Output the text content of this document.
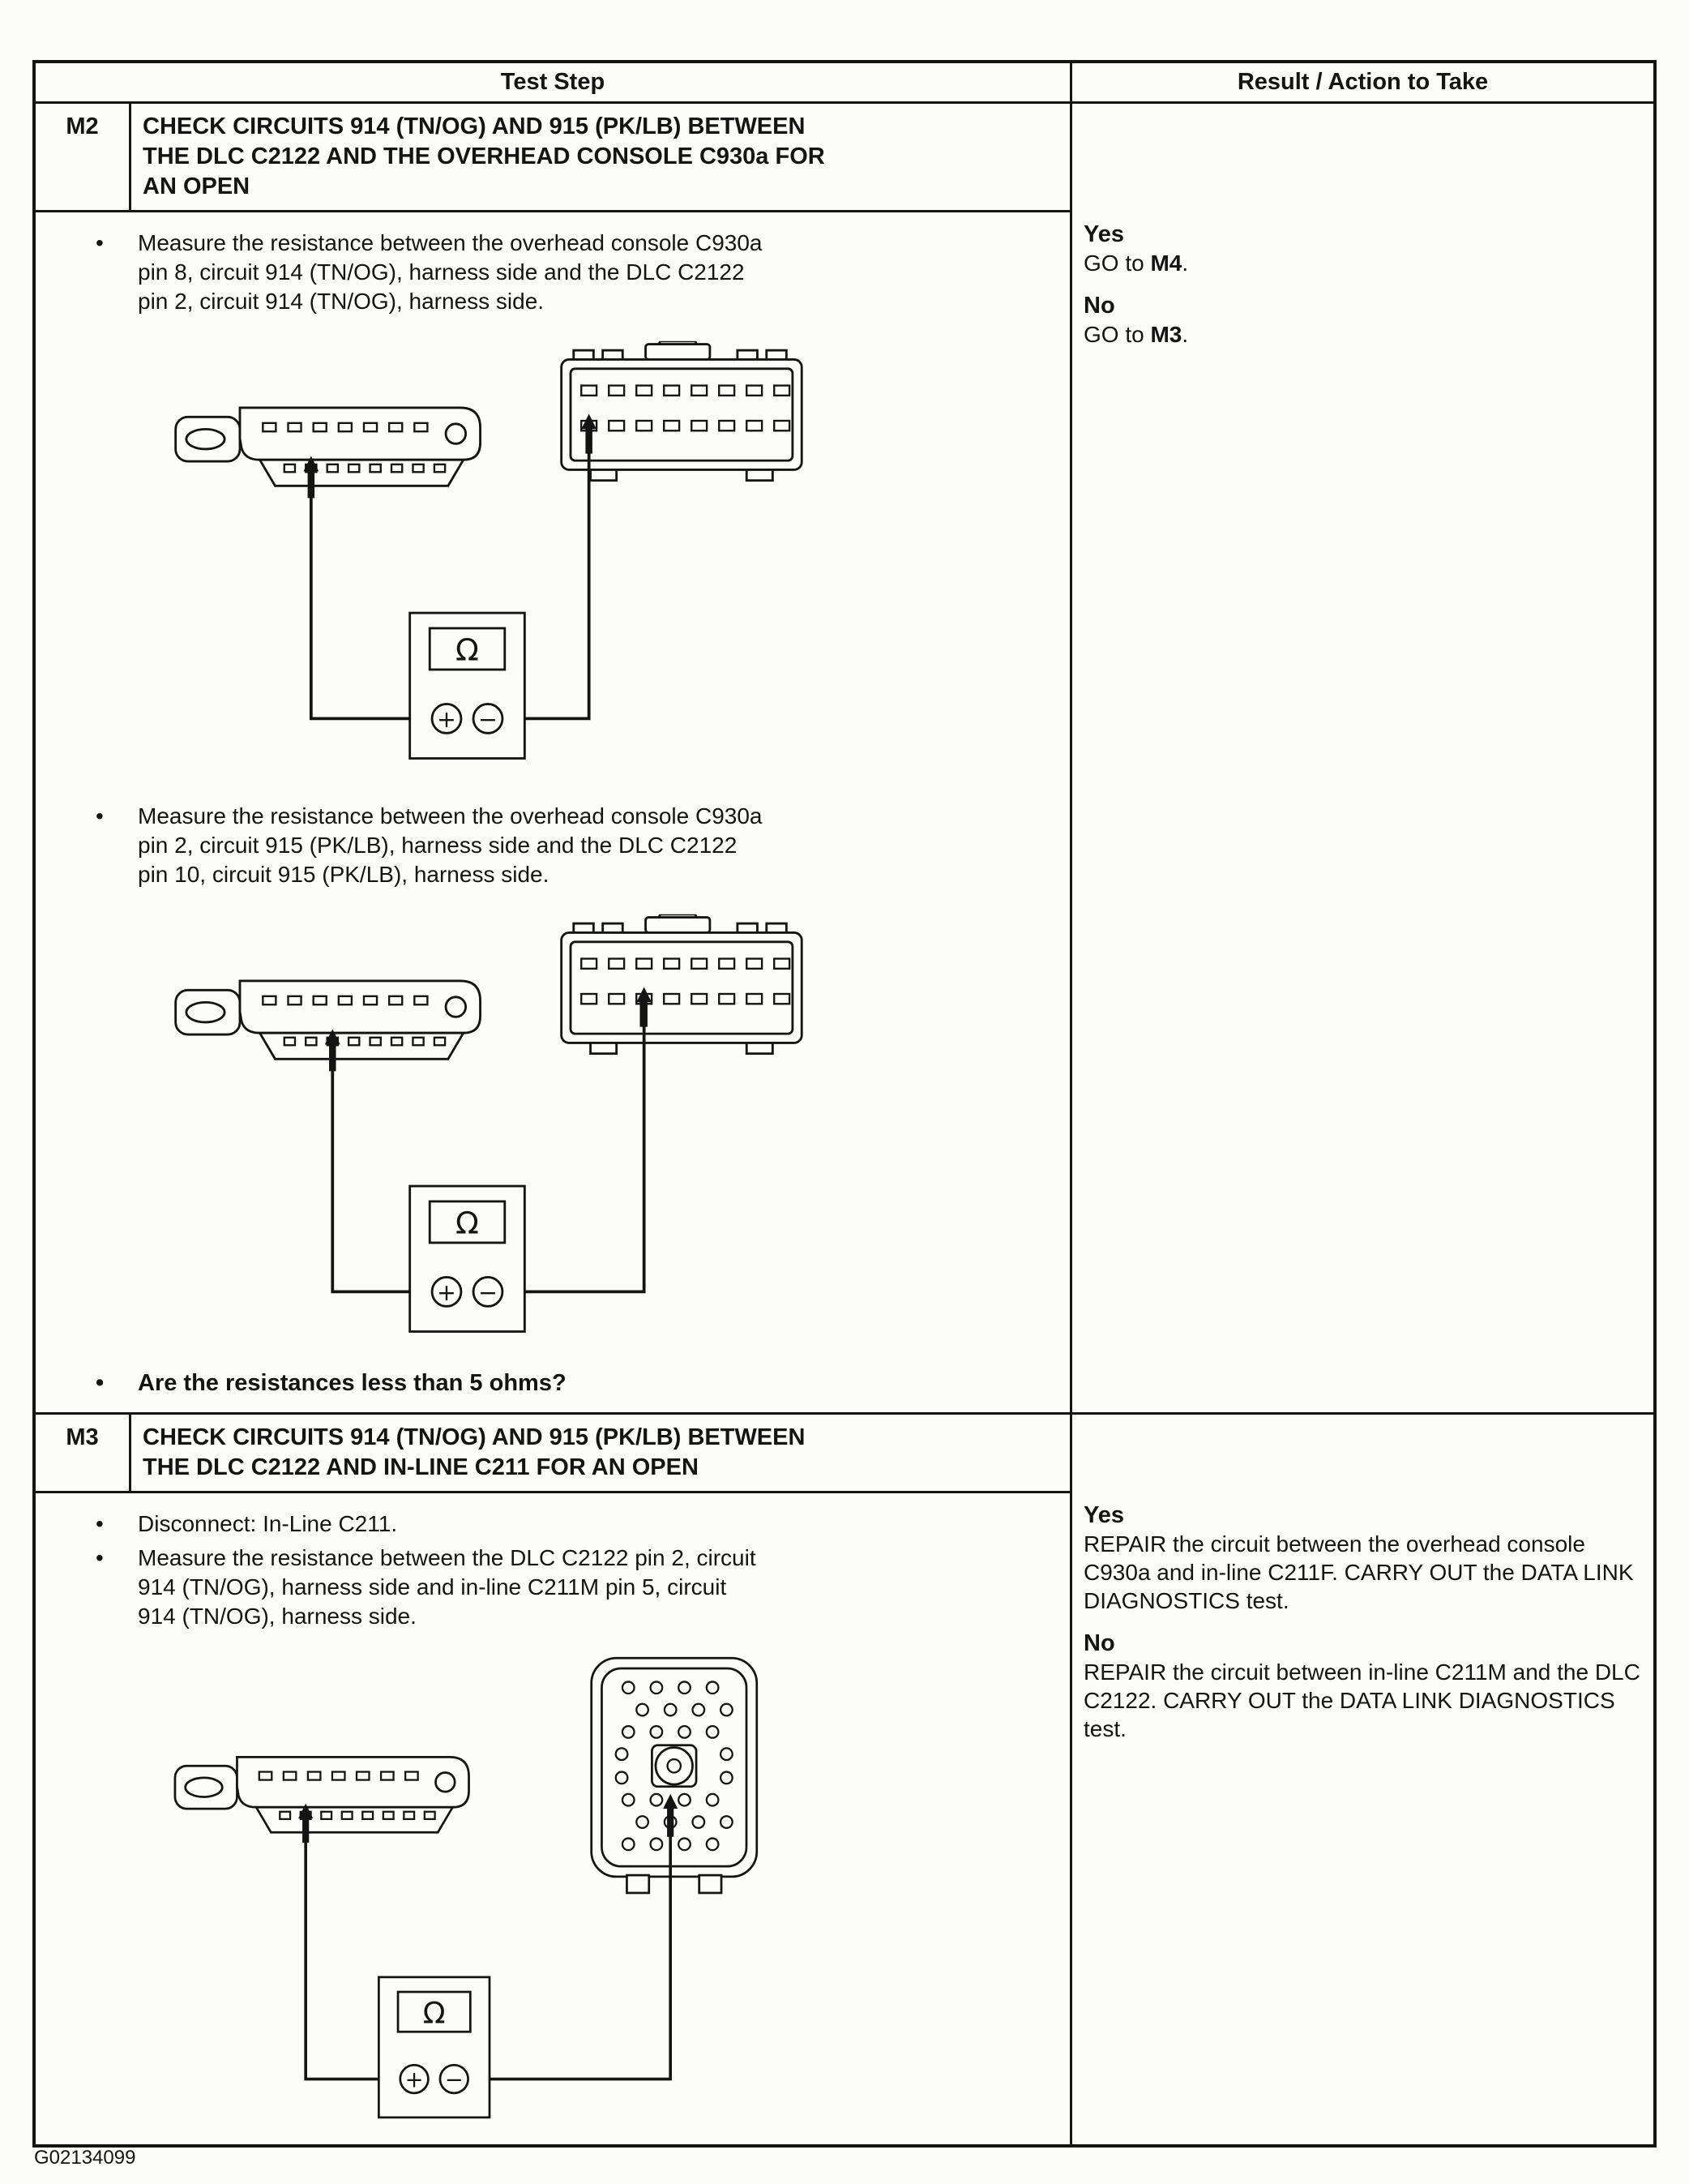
Test Step	Result / Action to Take
M2	CHECK CIRCUITS 914 (TN/OG) AND 915 (PK/LB) BETWEEN THE DLC C2122 AND THE OVERHEAD CONSOLE C930a FOR AN OPEN
•
Measure the resistance between the overhead console C930a pin 8, circuit 914 (TN/OG), harness side and the DLC C2122 pin 2, circuit 914 (TN/OG), harness side.
Ω
+ −
•
Measure the resistance between the overhead console C930a pin 2, circuit 915 (PK/LB), harness side and the DLC C2122 pin 10, circuit 915 (PK/LB), harness side.
Ω
+ −
•
Are the resistances less than 5 ohms?
Yes
GO to M4.
No
GO to M3.
M3	CHECK CIRCUITS 914 (TN/OG) AND 915 (PK/LB) BETWEEN THE DLC C2122 AND IN-LINE C211 FOR AN OPEN
•
Disconnect: In-Line C211.
•
Measure the resistance between the DLC C2122 pin 2, circuit 914 (TN/OG), harness side and in-line C211M pin 5, circuit 914 (TN/OG), harness side.
Ω
+ −
Yes
REPAIR the circuit between the overhead console C930a and in-line C211F. CARRY OUT the DATA LINK DIAGNOSTICS test.
No
REPAIR the circuit between in-line C211M and the DLC C2122. CARRY OUT the DATA LINK DIAGNOSTICS test.
G02134099
